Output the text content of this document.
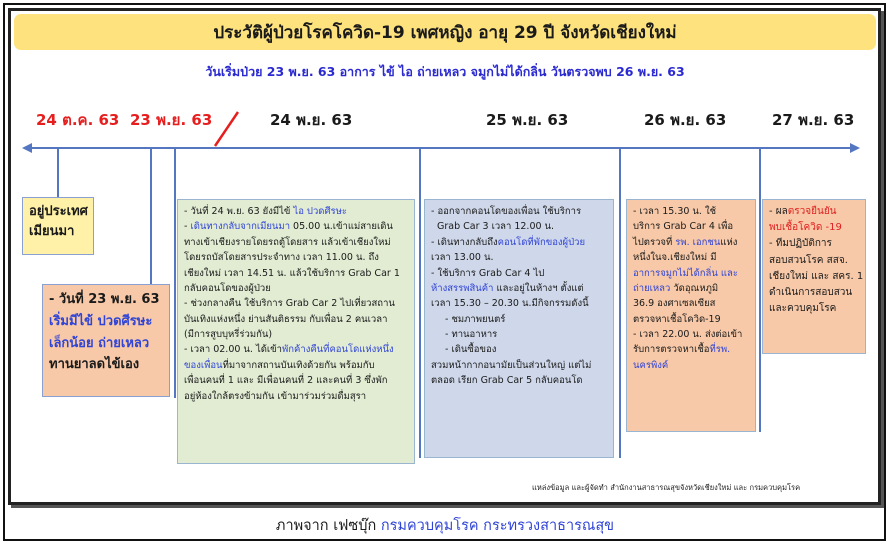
ประวัติผู้ป่วยโรคโควิด-19 เพศหญิง อายุ 29 ปี จังหวัดเชียงใหม่
วันเริ่มป่วย 23 พ.ย. 63 อาการ ไข้ ไอ ถ่ายเหลว จมูกไม่ได้กลิ่น วันตรวจพบ 26 พ.ย. 63
24 ต.ค. 63 23 พ.ย. 63	24 พ.ย. 63	25 พ.ย. 63	26 พ.ย. 63	27 พ.ย. 63
อยู่ประเทศ
เมียนมา
- วันที่ 23 พ.ย. 63
เริ่มมีไข้ ปวดศีรษะ
เล็กน้อย ถ่ายเหลว
ทานยาลดไข้เอง
- วันที่ 24 พ.ย. 63 ยังมีไข้ ไอ ปวดศีรษะ
- เดินทางกลับจากเมียนมา 05.00 น.เข้าแม่สายเดิน
ทางเข้าเชียงรายโดยรถตู้โดยสาร แล้วเข้าเชียงใหม่
โดยรถบัสโดยสารประจำทาง เวลา 11.00 น. ถึง
เชียงใหม่ เวลา 14.51 น. แล้วใช้บริการ Grab Car 1
กลับคอนโดของผู้ป่วย
- ช่วงกลางคืน ใช้บริการ Grab Car 2 ไปเที่ยวสถาน
บันเทิงแห่งหนึ่ง ย่านสันติธรรม กับเพื่อน 2 คนเวลา
(มีการสูบบุหรี่ร่วมกัน)
- เวลา 02.00 น. ได้เข้าพักค้างคืนที่คอนโดแห่งหนึ่ง
ของเพื่อนที่มาจากสถานบันเทิงด้วยกัน พร้อมกับ
เพื่อนคนที่ 1 และ มีเพื่อนคนที่ 2 และคนที่ 3 ซึ่งพัก
อยู่ห้องใกล้ตรงข้ามกัน เข้ามาร่วมร่วมดื่มสุรา
- ออกจากคอนโดของเพื่อน ใช้บริการ
Grab Car 3 เวลา 12.00 น.
- เดินทางกลับถึงคอนโดที่พักของผู้ป่วย
เวลา 13.00 น.
- ใช้บริการ Grab Car 4 ไป
ห้างสรรพสินค้า และอยู่ในห้างฯ ตั้งแต่
เวลา 15.30 – 20.30 น.มีกิจกรรมดังนี้
- ชมภาพยนตร์
- ทานอาหาร
- เดินซื้อของ
สวมหน้ากากอนามัยเป็นส่วนใหญ่ แต่ไม่
ตลอด เรียก Grab Car 5 กลับคอนโด
- เวลา 15.30 น. ใช้
บริการ Grab Car 4 เพื่อ
ไปตรวจที่ รพ. เอกชนแห่ง
หนึ่งในจ.เชียงใหม่ มี
อาการจมูกไม่ได้กลิ่น และ
ถ่ายเหลว วัดอุณหภูมิ
36.9 องศาเซลเซียส
ตรวจหาเชื้อโควิด-19
- เวลา 22.00 น. ส่งต่อเข้า
รับการตรวจหาเชื้อที่รพ.
นครพิงค์
- ผลตรวจยืนยัน
พบเชื้อโควิด -19
- ทีมปฏิบัติการ
สอบสวนโรค สสจ.
เชียงใหม่ และ สคร. 1
ดำเนินการสอบสวน
และควบคุมโรค
แหล่งข้อมูล และผู้จัดทำ สำนักงานสาธารณสุขจังหวัดเชียงใหม่ และ กรมควบคุมโรค
ภาพจาก เฟซบุ๊ก กรมควบคุมโรค กระทรวงสาธารณสุข
